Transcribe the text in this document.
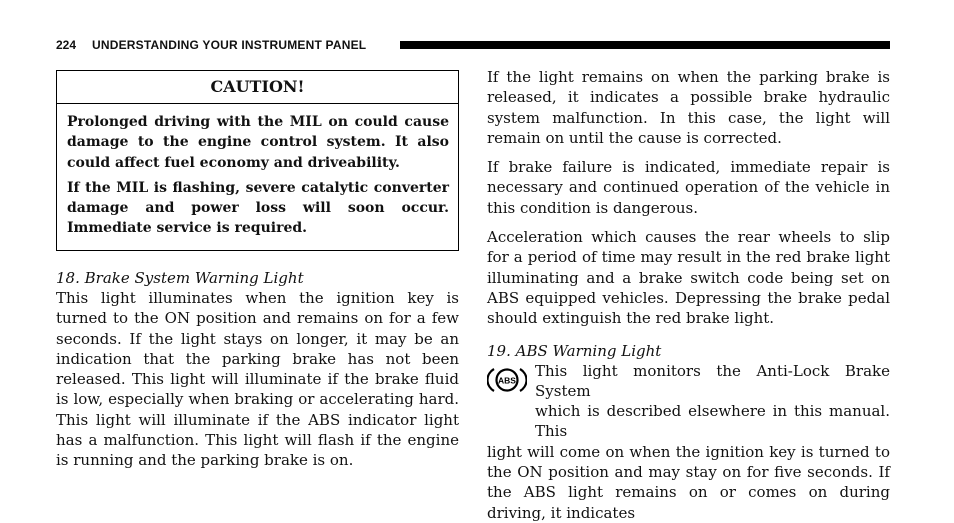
224 UNDERSTANDING YOUR INSTRUMENT PANEL
CAUTION!

Prolonged driving with the MIL on could cause damage to the engine control system. It also could affect fuel economy and driveability.

If the MIL is flashing, severe catalytic converter damage and power loss will soon occur. Immediate service is required.

18. Brake System Warning Light

This light illuminates when the ignition key is turned to the ON position and remains on for a few seconds. If the light stays on longer, it may be an indication that the parking brake has not been released. This light will illuminate if the brake fluid is low, especially when braking or accelerating hard. This light will illuminate if the ABS indicator light has a malfunction. This light will flash if the engine is running and the parking brake is on.

If the light remains on when the parking brake is released, it indicates a possible brake hydraulic system malfunction. In this case, the light will remain on until the cause is corrected.

If brake failure is indicated, immediate repair is necessary and continued operation of the vehicle in this condition is dangerous.

Acceleration which causes the rear wheels to slip for a period of time may result in the red brake light illuminating and a brake switch code being set on ABS equipped vehicles. Depressing the brake pedal should extinguish the red brake light.

19. ABS Warning Light

ABS

This light monitors the Anti-Lock Brake System

which is described elsewhere in this manual. This

light will come on when the ignition key is turned to the ON position and may stay on for five seconds. If the ABS light remains on or comes on during driving, it indicates
